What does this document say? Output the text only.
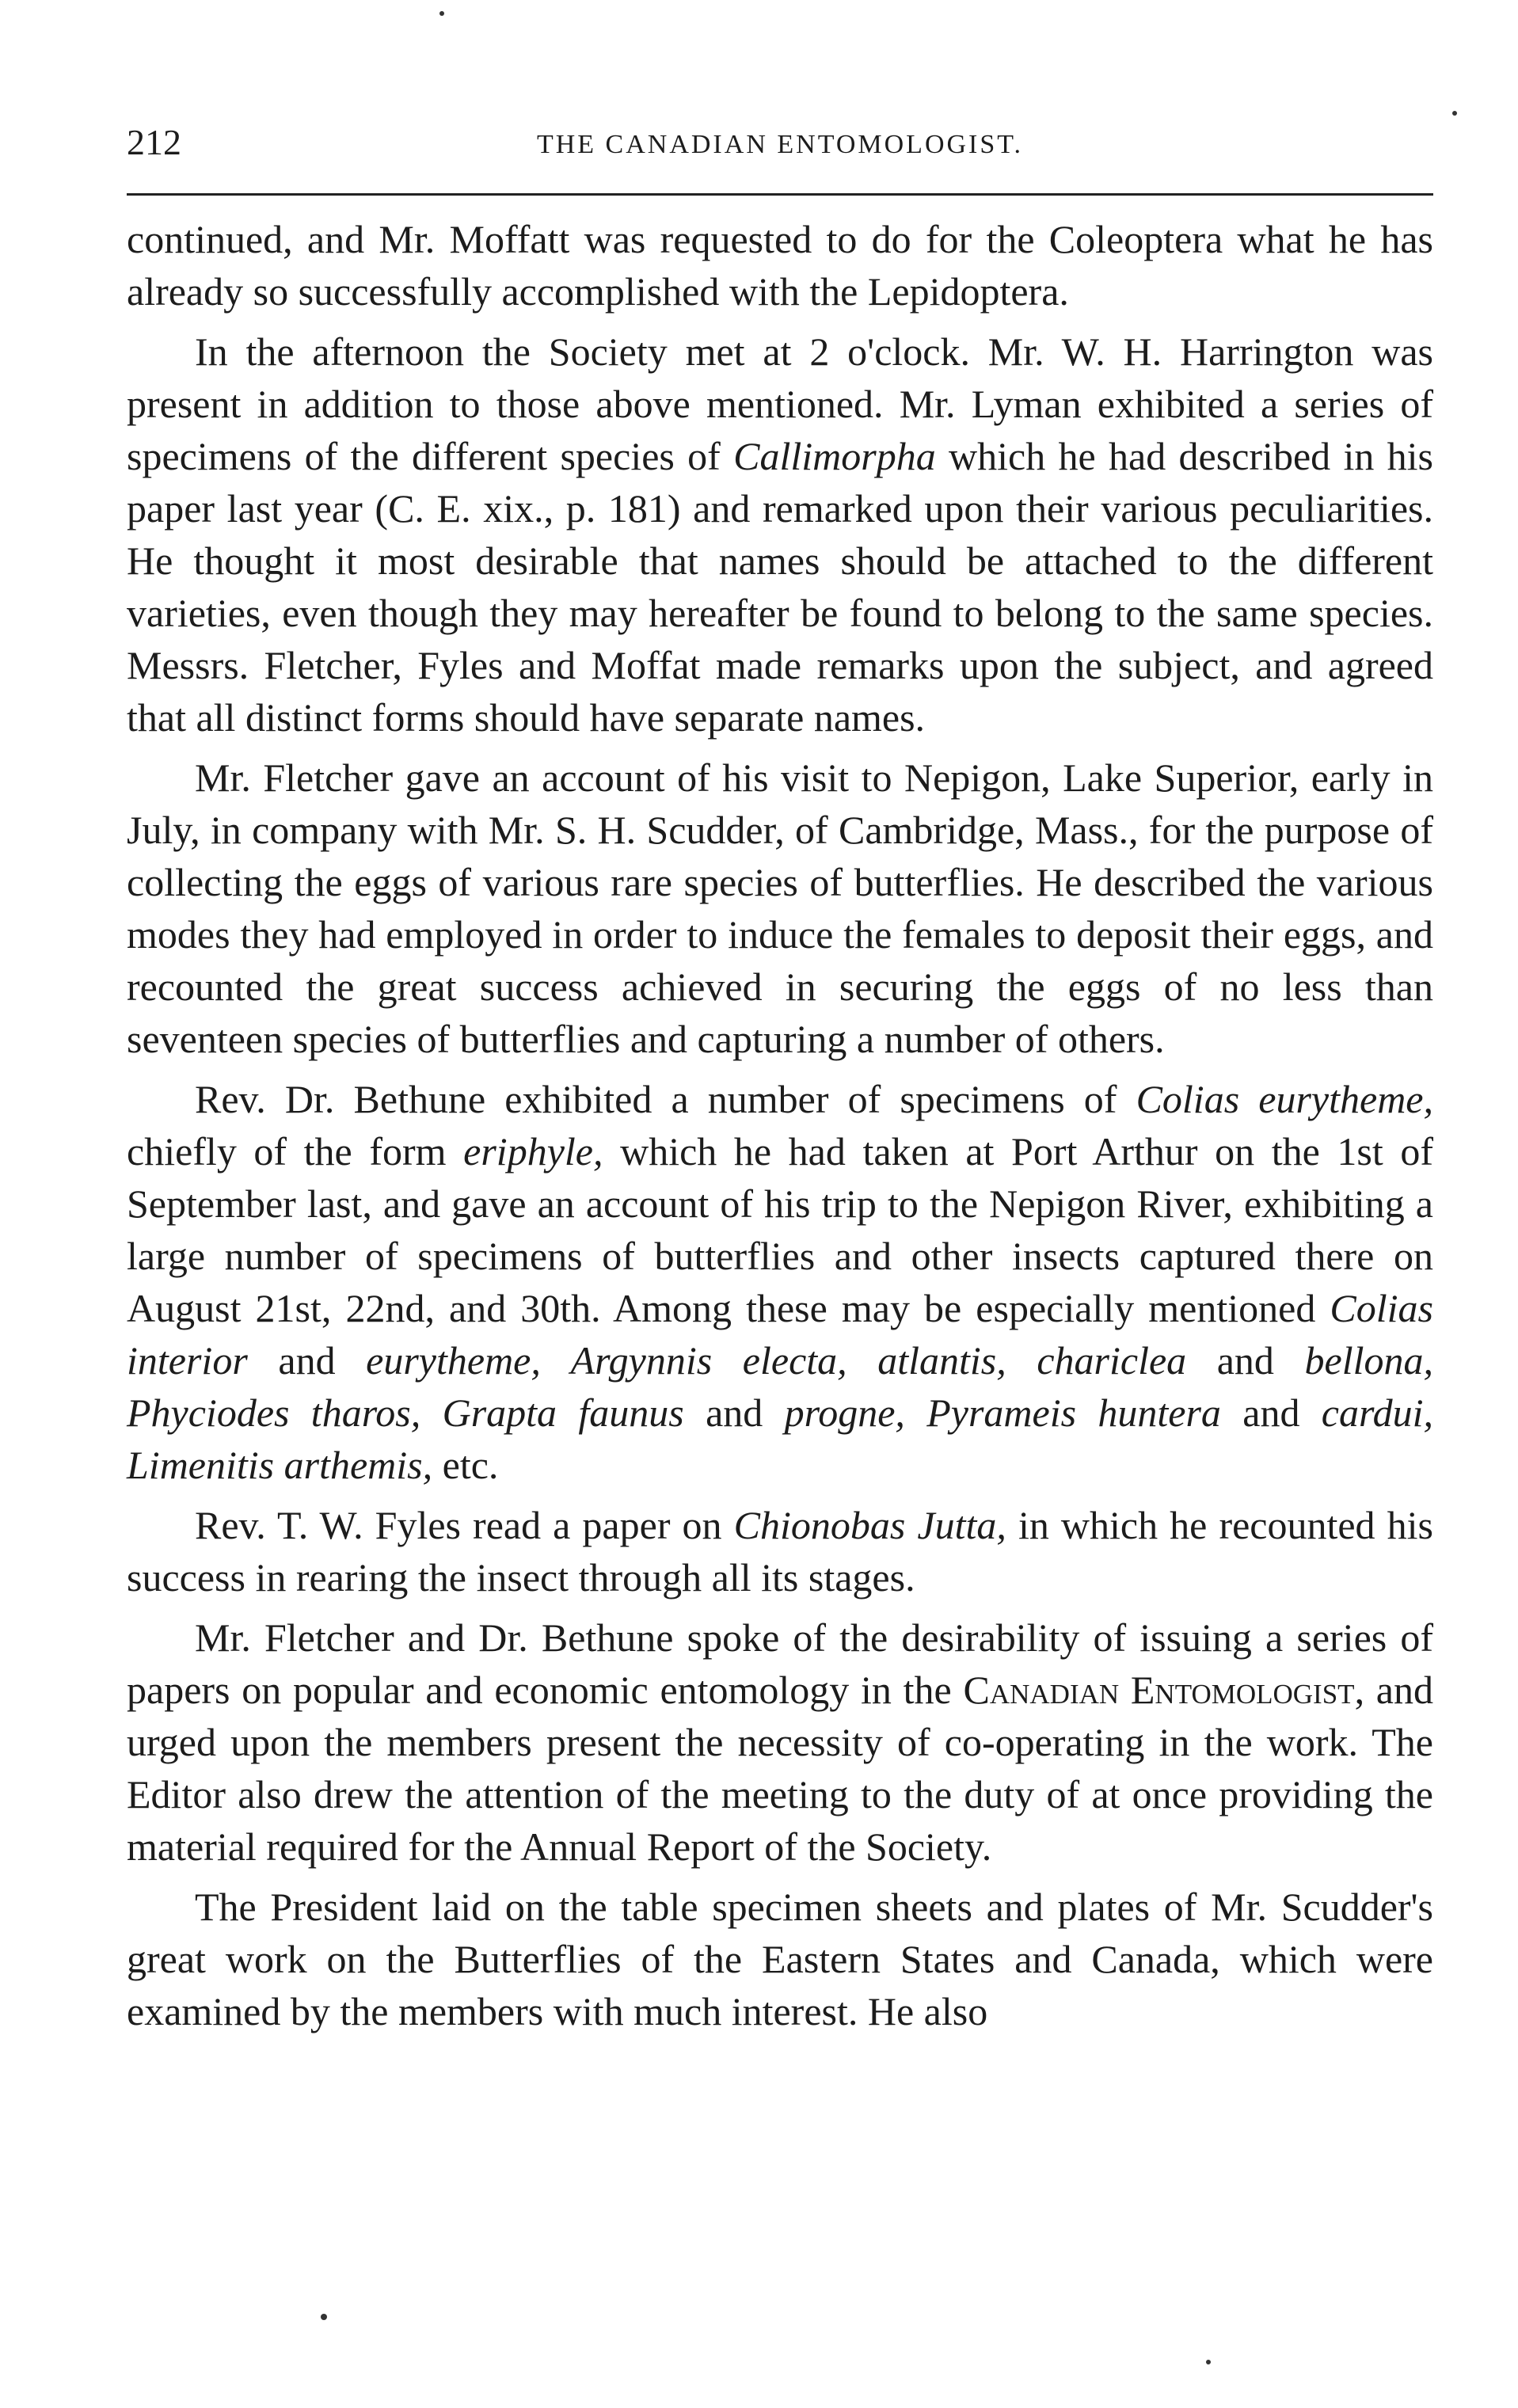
212	THE CANADIAN ENTOMOLOGIST.

continued, and Mr. Moffatt was requested to do for the Coleoptera what he has already so successfully accomplished with the Lepidoptera.

In the afternoon the Society met at 2 o'clock. Mr. W. H. Harrington was present in addition to those above mentioned. Mr. Lyman exhibited a series of specimens of the different species of Callimorpha which he had described in his paper last year (C. E. xix., p. 181) and remarked upon their various peculiarities. He thought it most desirable that names should be attached to the different varieties, even though they may hereafter be found to belong to the same species. Messrs. Fletcher, Fyles and Moffat made remarks upon the subject, and agreed that all distinct forms should have separate names.

Mr. Fletcher gave an account of his visit to Nepigon, Lake Superior, early in July, in company with Mr. S. H. Scudder, of Cambridge, Mass., for the purpose of collecting the eggs of various rare species of butterflies. He described the various modes they had employed in order to induce the females to deposit their eggs, and recounted the great success achieved in securing the eggs of no less than seventeen species of butterflies and capturing a number of others.

Rev. Dr. Bethune exhibited a number of specimens of Colias eurytheme, chiefly of the form eriphyle, which he had taken at Port Arthur on the 1st of September last, and gave an account of his trip to the Nepigon River, exhibiting a large number of specimens of butterflies and other insects captured there on August 21st, 22nd, and 30th. Among these may be especially mentioned Colias interior and eurytheme, Argynnis electa, atlantis, chariclea and bellona, Phyciodes tharos, Grapta faunus and progne, Pyrameis huntera and cardui, Limenitis arthemis, etc.

Rev. T. W. Fyles read a paper on Chionobas Jutta, in which he recounted his success in rearing the insect through all its stages.

Mr. Fletcher and Dr. Bethune spoke of the desirability of issuing a series of papers on popular and economic entomology in the Canadian Entomologist, and urged upon the members present the necessity of co-operating in the work. The Editor also drew the attention of the meeting to the duty of at once providing the material required for the Annual Report of the Society.

The President laid on the table specimen sheets and plates of Mr. Scudder's great work on the Butterflies of the Eastern States and Canada, which were examined by the members with much interest. He also
